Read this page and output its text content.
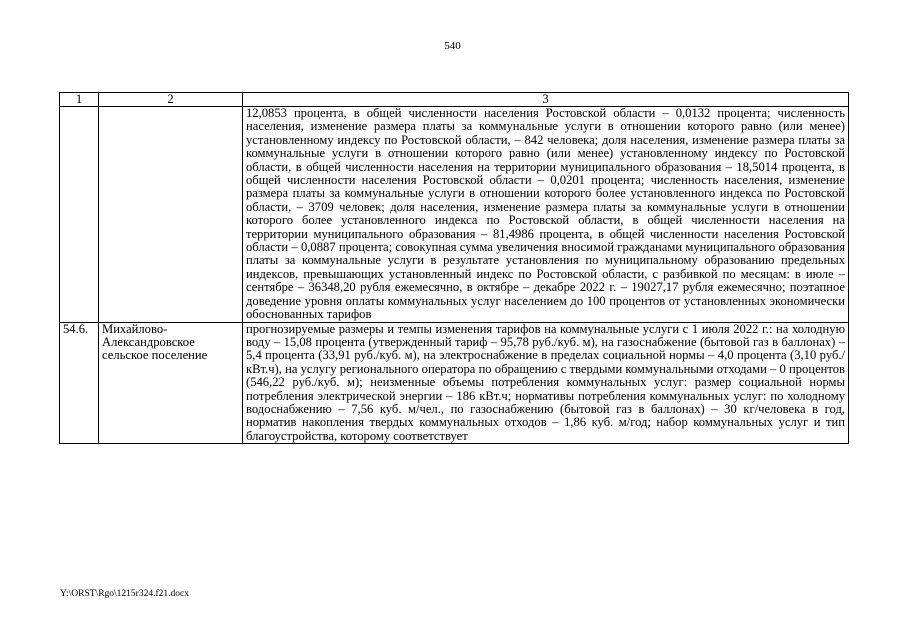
540
1	2	3
		12,0853 процента, в общей численности населения Ростовской области – 0,0132 процента; численность населения, изменение размера платы за коммунальные услуги в отношении которого равно (или менее) установленному индексу по Ростовской области, – 842 человека; доля населения, изменение размера платы за коммунальные услуги в отношении которого равно (или менее) установленному индексу по Ростовской области, в общей численности населения на территории муниципального образования – 18,5014 процента, в общей численности населения Ростовской области – 0,0201 процента; численность населения, изменение размера платы за коммунальные услуги в отношении которого более установленного индекса по Ростовской области, – 3709 человек; доля населения, изменение размера платы за коммунальные услуги в отношении которого более установленного индекса по Ростовской области, в общей численности населения на территории муниципального образования – 81,4986 процента, в общей численности населения Ростовской области – 0,0887 процента; совокупная сумма увеличения вносимой гражданами муниципального образования платы за коммунальные услуги в результате установления по муниципальному образованию предельных индексов, превышающих установленный индекс по Ростовской области, с разбивкой по месяцам: в июле – сентябре – 36348,20 рубля ежемесячно, в октябре – декабре 2022 г. – 19027,17 рубля ежемесячно; поэтапное доведение уровня оплаты коммунальных услуг населением до 100 процентов от установленных экономически обоснованных тарифов
54.6.	Михайлово-Александровское сельское поселение	прогнозируемые размеры и темпы изменения тарифов на коммунальные услуги с 1 июля 2022 г.: на холодную воду – 15,08 процента (утвержденный тариф – 95,78 руб./куб. м), на газоснабжение (бытовой газ в баллонах) – 5,4 процента (33,91 руб./куб. м), на электроснабжение в пределах социальной нормы – 4,0 процента (3,10 руб./кВт.ч), на услугу регионального оператора по обращению с твердыми коммунальными отходами – 0 процентов (546,22 руб./куб. м); неизменные объемы потребления коммунальных услуг: размер социальной нормы потребления электрической энергии – 186 кВт.ч; нормативы потребления коммунальных услуг: по холодному водоснабжению – 7,56 куб. м/чел., по газоснабжению (бытовой газ в баллонах) – 30 кг/человека в год, норматив накопления твердых коммунальных отходов – 1,86 куб. м/год; набор коммунальных услуг и тип благоустройства, которому соответствует
Y:\ORST\Rgo\1215r324.f21.docx
